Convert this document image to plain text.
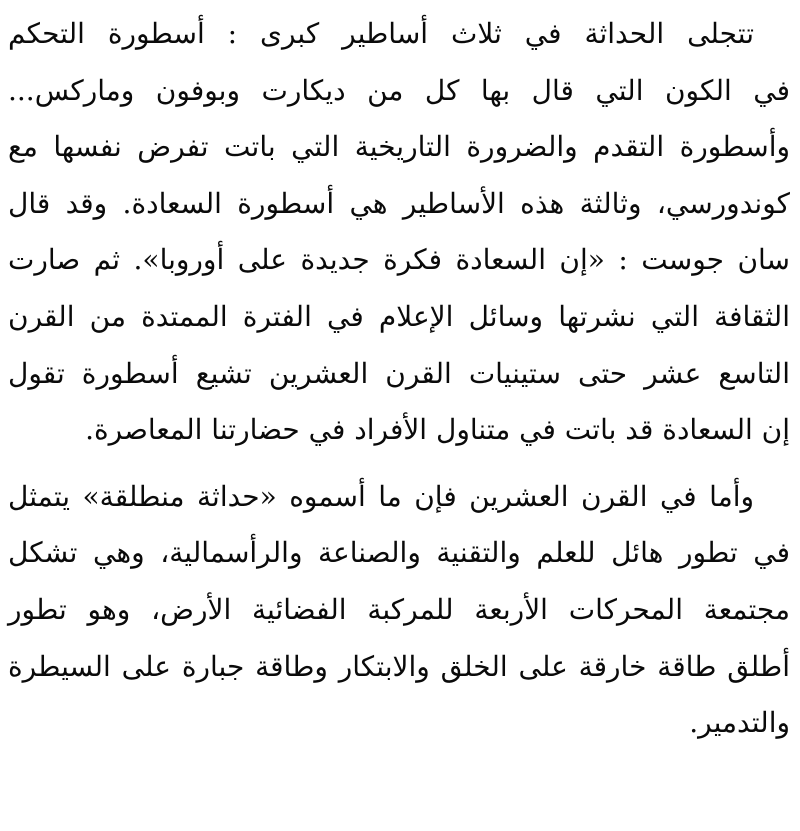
تتجلى الحداثة في ثلاث أساطير كبرى : أسطورة التحكم
في الكون التي قال بها كل من ديكارت وبوفون وماركس...
وأسطورة التقدم والضرورة التاريخية التي باتت تفرض نفسها مع
كوندورسي، وثالثة هذه الأساطير هي أسطورة السعادة. وقد قال
سان جوست : «إن السعادة فكرة جديدة على أوروبا». ثم صارت
الثقافة التي نشرتها وسائل الإعلام في الفترة الممتدة من القرن
التاسع عشر حتى ستينيات القرن العشرين تشيع أسطورة تقول
إن السعادة قد باتت في متناول الأفراد في حضارتنا المعاصرة.

وأما في القرن العشرين فإن ما أسموه «حداثة منطلقة» يتمثل
في تطور هائل للعلم والتقنية والصناعة والرأسمالية، وهي تشكل
مجتمعة المحركات الأربعة للمركبة الفضائية الأرض، وهو تطور
أطلق طاقة خارقة على الخلق والابتكار وطاقة جبارة على السيطرة
والتدمير.
